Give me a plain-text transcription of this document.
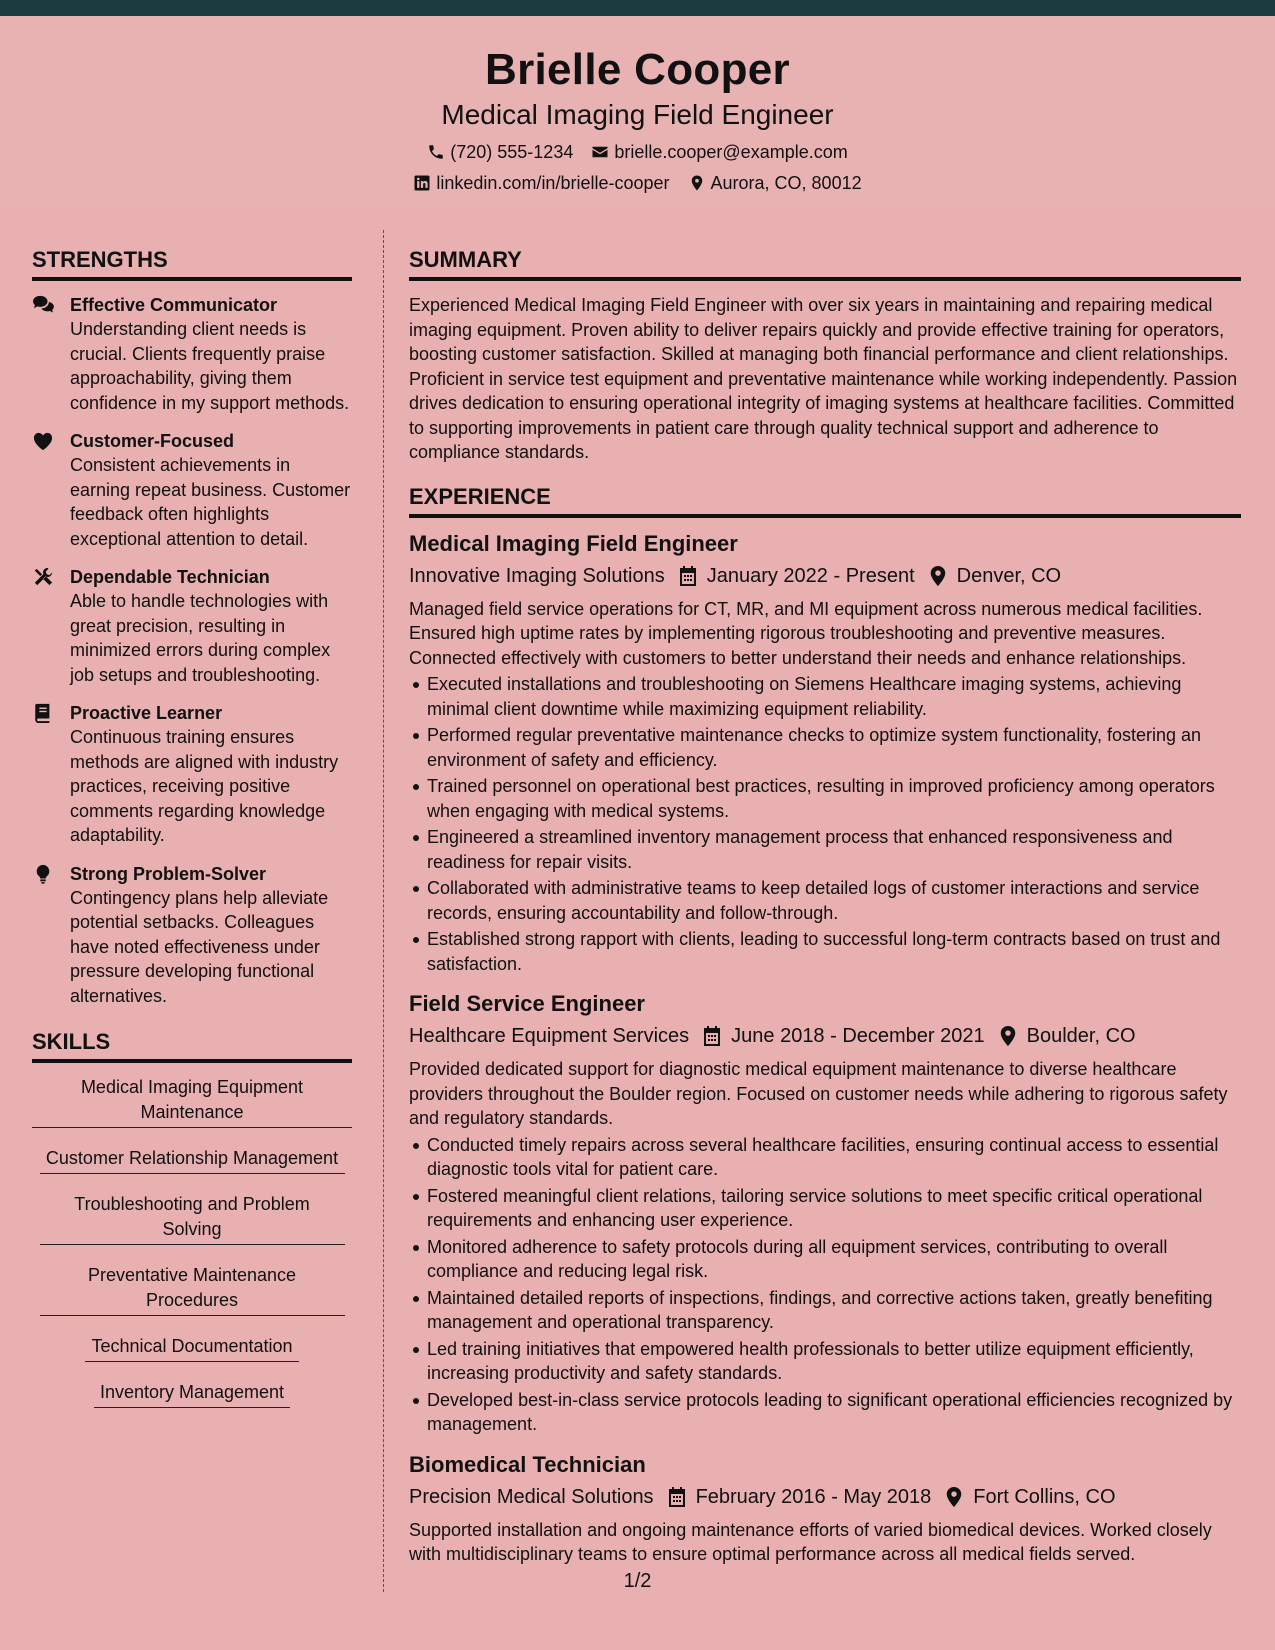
Brielle Cooper
Medical Imaging Field Engineer
(720) 555-1234 brielle.cooper@example.com
linkedin.com/in/brielle-cooper Aurora, CO, 80012
STRENGTHS
Effective Communicator
Understanding client needs is crucial. Clients frequently praise approachability, giving them confidence in my support methods.
Customer-Focused
Consistent achievements in earning repeat business. Customer feedback often highlights exceptional attention to detail.
Dependable Technician
Able to handle technologies with great precision, resulting in minimized errors during complex job setups and troubleshooting.
Proactive Learner
Continuous training ensures methods are aligned with industry practices, receiving positive comments regarding knowledge adaptability.
Strong Problem-Solver
Contingency plans help alleviate potential setbacks. Colleagues have noted effectiveness under pressure developing functional alternatives.
SKILLS
Medical Imaging Equipment Maintenance
Customer Relationship Management
Troubleshooting and Problem Solving
Preventative Maintenance Procedures
Technical Documentation
Inventory Management
SUMMARY
Experienced Medical Imaging Field Engineer with over six years in maintaining and repairing medical imaging equipment. Proven ability to deliver repairs quickly and provide effective training for operators, boosting customer satisfaction. Skilled at managing both financial performance and client relationships. Proficient in service test equipment and preventative maintenance while working independently. Passion drives dedication to ensuring operational integrity of imaging systems at healthcare facilities. Committed to supporting improvements in patient care through quality technical support and adherence to compliance standards.
EXPERIENCE
Medical Imaging Field Engineer
Innovative Imaging Solutions January 2022 - Present Denver, CO
Managed field service operations for CT, MR, and MI equipment across numerous medical facilities. Ensured high uptime rates by implementing rigorous troubleshooting and preventive measures. Connected effectively with customers to better understand their needs and enhance relationships.
Executed installations and troubleshooting on Siemens Healthcare imaging systems, achieving minimal client downtime while maximizing equipment reliability.
Performed regular preventative maintenance checks to optimize system functionality, fostering an environment of safety and efficiency.
Trained personnel on operational best practices, resulting in improved proficiency among operators when engaging with medical systems.
Engineered a streamlined inventory management process that enhanced responsiveness and readiness for repair visits.
Collaborated with administrative teams to keep detailed logs of customer interactions and service records, ensuring accountability and follow-through.
Established strong rapport with clients, leading to successful long-term contracts based on trust and satisfaction.
Field Service Engineer
Healthcare Equipment Services June 2018 - December 2021 Boulder, CO
Provided dedicated support for diagnostic medical equipment maintenance to diverse healthcare providers throughout the Boulder region. Focused on customer needs while adhering to rigorous safety and regulatory standards.
Conducted timely repairs across several healthcare facilities, ensuring continual access to essential diagnostic tools vital for patient care.
Fostered meaningful client relations, tailoring service solutions to meet specific critical operational requirements and enhancing user experience.
Monitored adherence to safety protocols during all equipment services, contributing to overall compliance and reducing legal risk.
Maintained detailed reports of inspections, findings, and corrective actions taken, greatly benefiting management and operational transparency.
Led training initiatives that empowered health professionals to better utilize equipment efficiently, increasing productivity and safety standards.
Developed best-in-class service protocols leading to significant operational efficiencies recognized by management.
Biomedical Technician
Precision Medical Solutions February 2016 - May 2018 Fort Collins, CO
Supported installation and ongoing maintenance efforts of varied biomedical devices. Worked closely with multidisciplinary teams to ensure optimal performance across all medical fields served.
1/2
